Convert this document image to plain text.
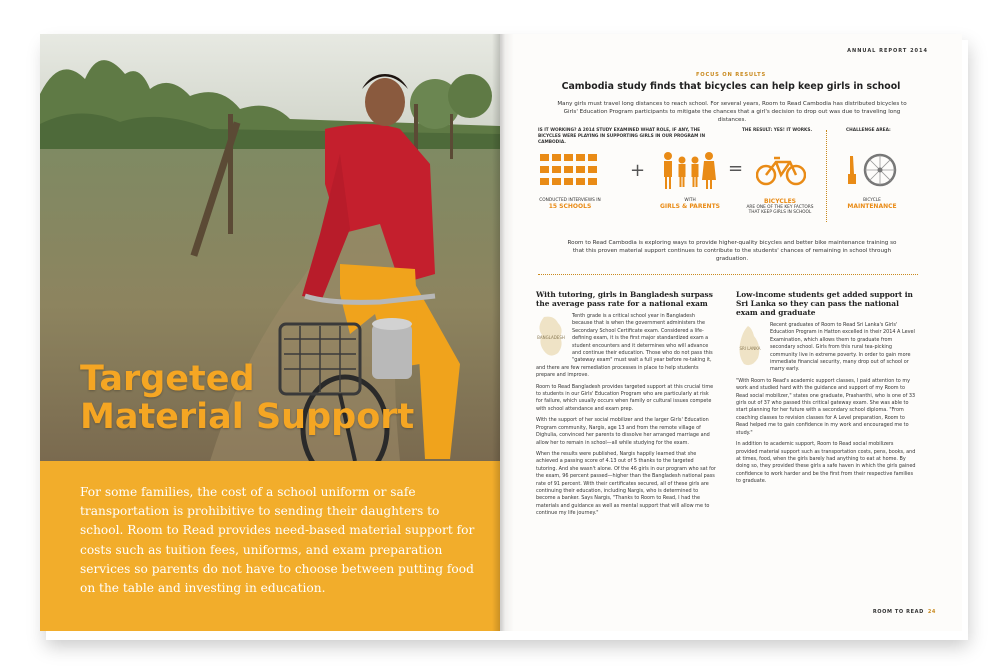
Targeted
Material Support
For some families, the cost of a school uniform or safe transportation is prohibitive to sending their daughters to school. Room to Read provides need-based material support for costs such as tuition fees, uniforms, and exam preparation services so parents do not have to choose between putting food on the table and investing in education.
ANNUAL REPORT 2014
FOCUS ON RESULTS
Cambodia study finds that bicycles can help keep girls in school
Many girls must travel long distances to reach school. For several years, Room to Read Cambodia has distributed bicycles to Girls' Education Program participants to mitigate the chances that a girl's decision to drop out was due to traveling long distances.
IS IT WORKING? A 2014 STUDY EXAMINED WHAT ROLE, IF ANY, THE BICYCLES WERE PLAYING IN SUPPORTING GIRLS IN OUR PROGRAM IN CAMBODIA.
THE RESULT: YES! IT WORKS.	CHALLENGE AREA:
CONDUCTED INTERVIEWS IN
15 SCHOOLS
+
WITH
GIRLS & PARENTS
=
BICYCLES
ARE ONE OF THE KEY FACTORS THAT KEEP GIRLS IN SCHOOL
BICYCLE
MAINTENANCE
Room to Read Cambodia is exploring ways to provide higher-quality bicycles and better bike maintenance training so that this proven material support continues to contribute to the students' chances of remaining in school through graduation.
With tutoring, girls in Bangladesh surpass the average pass rate for a national exam

BANGLADESH
Tenth grade is a critical school year in Bangladesh because that is when the government administers the Secondary School Certificate exam. Considered a life-defining exam, it is the first major standardized exam a student encounters and it determines who will advance and continue their education. Those who do not pass this "gateway exam" must wait a full year before re-taking it, and there are few remediation processes in place to help students prepare and improve.

Room to Read Bangladesh provides targeted support at this crucial time to students in our Girls' Education Program who are particularly at risk for failure, which usually occurs when family or cultural issues compete with school attendance and exam prep.

With the support of her social mobilizer and the larger Girls' Education Program community, Nargis, age 13 and from the remote village of Dighulia, convinced her parents to dissolve her arranged marriage and allow her to remain in school—all while studying for the exam.

When the results were published, Nargis happily learned that she achieved a passing score of 4.13 out of 5 thanks to the targeted tutoring. And she wasn't alone. Of the 46 girls in our program who sat for the exam, 96 percent passed—higher than the Bangladesh national pass rate of 91 percent. With their certificates secured, all of these girls are continuing their education, including Nargis, who is determined to become a banker. Says Nargis, "Thanks to Room to Read, I had the materials and guidance as well as mental support that will allow me to continue my life journey."

Low-income students get added support in Sri Lanka so they can pass the national exam and graduate

SRI LANKA
Recent graduates of Room to Read Sri Lanka's Girls' Education Program in Hatton excelled in their 2014 A Level Examination, which allows them to graduate from secondary school. Girls from this rural tea-picking community live in extreme poverty. In order to gain more immediate financial security, many drop out of school or marry early.

"With Room to Read's academic support classes, I paid attention to my work and studied hard with the guidance and support of my Room to Read social mobilizer," states one graduate, Prashanthi, who is one of 33 girls out of 37 who passed this critical gateway exam. She was able to start planning for her future with a secondary school diploma. "From coaching classes to revision classes for A Level preparation, Room to Read helped me to gain confidence in my work and encouraged me to study."

In addition to academic support, Room to Read social mobilizers provided material support such as transportation costs, pens, books, and at times, food, when the girls barely had anything to eat at home. By doing so, they provided these girls a safe haven in which the girls gained confidence to work harder and be the first from their respective families to graduate.

ROOM TO READ 24
